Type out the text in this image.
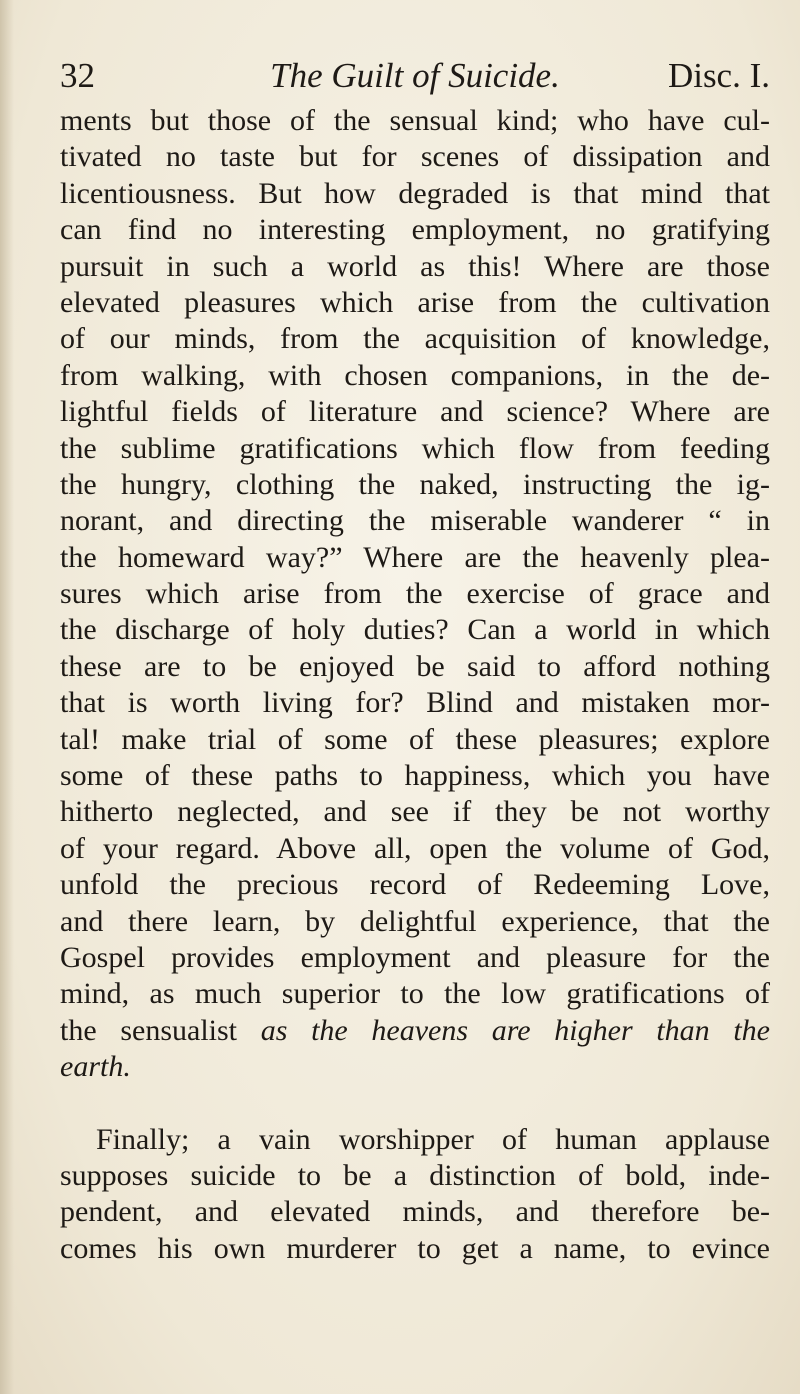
32	The Guilt of Suicide.	Disc. I.
ments but those of the sensual kind; who have cul-
tivated no taste but for scenes of dissipation and
licentiousness. But how degraded is that mind that
can find no interesting employment, no gratifying
pursuit in such a world as this! Where are those
elevated pleasures which arise from the cultivation
of our minds, from the acquisition of knowledge,
from walking, with chosen companions, in the de-
lightful fields of literature and science? Where are
the sublime gratifications which flow from feeding
the hungry, clothing the naked, instructing the ig-
norant, and directing the miserable wanderer “ in
the homeward way?” Where are the heavenly plea-
sures which arise from the exercise of grace and
the discharge of holy duties? Can a world in which
these are to be enjoyed be said to afford nothing
that is worth living for? Blind and mistaken mor-
tal! make trial of some of these pleasures; explore
some of these paths to happiness, which you have
hitherto neglected, and see if they be not worthy
of your regard. Above all, open the volume of God,
unfold the precious record of Redeeming Love,
and there learn, by delightful experience, that the
Gospel provides employment and pleasure for the
mind, as much superior to the low gratifications of
the sensualist as the heavens are higher than the
earth.
Finally; a vain worshipper of human applause
supposes suicide to be a distinction of bold, inde-
pendent, and elevated minds, and therefore be-
comes his own murderer to get a name, to evince
